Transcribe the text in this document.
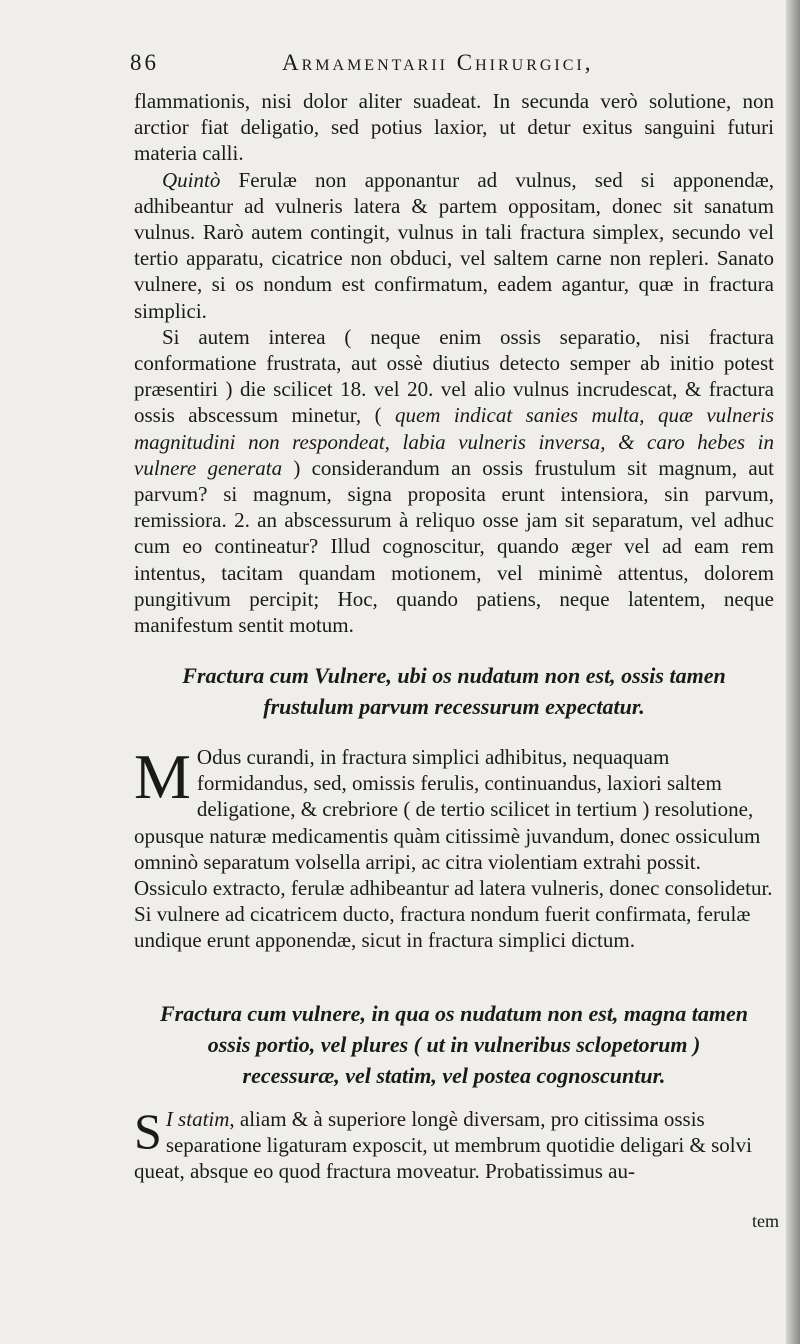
86	Armamentarii Chirurgici,

flammationis, nisi dolor aliter suadeat. In secunda verò solutione, non arctior fiat deligatio, sed potius laxior, ut detur exitus sanguini futuri materia calli.

Quintò Ferulæ non apponantur ad vulnus, sed si apponendæ, adhibeantur ad vulneris latera & partem oppositam, donec sit sanatum vulnus. Rarò autem contingit, vulnus in tali fractura simplex, secundo vel tertio apparatu, cicatrice non obduci, vel saltem carne non repleri. Sanato vulnere, si os nondum est confirmatum, eadem agantur, quæ in fractura simplici.

Si autem interea ( neque enim ossis separatio, nisi fractura conformatione frustrata, aut ossè diutius detecto semper ab initio potest præsentiri ) die scilicet 18. vel 20. vel alio vulnus incrudescat, & fractura ossis abscessum minetur, ( quem indicat sanies multa, quæ vulneris magnitudini non respondeat, labia vulneris inversa, & caro hebes in vulnere generata ) considerandum an ossis frustulum sit magnum, aut parvum? si magnum, signa proposita erunt intensiora, sin parvum, remissiora. 2. an abscessurum à reliquo osse jam sit separatum, vel adhuc cum eo contineatur? Illud cognoscitur, quando æger vel ad eam rem intentus, tacitam quandam motionem, vel minimè attentus, dolorem pungitivum percipit; Hoc, quando patiens, neque latentem, neque manifestum sentit motum.

Fractura cum Vulnere, ubi os nudatum non est, ossis tamen

frustulum parvum recessurum expectatur.

M Odus curandi, in fractura simplici adhibitus, nequaquam formidandus, sed, omissis ferulis, continuandus, laxiori saltem deligatione, & crebriore ( de tertio scilicet in tertium ) resolutione, opusque naturæ medicamentis quàm citissimè juvandum, donec ossiculum omninò separatum volsella arripi, ac citra violentiam extrahi possit. Ossiculo extracto, ferulæ adhibeantur ad latera vulneris, donec consolidetur. Si vulnere ad cicatricem ducto, fractura nondum fuerit confirmata, ferulæ undique erunt apponendæ, sicut in fractura simplici dictum.

Fractura cum vulnere, in qua os nudatum non est, magna tamen

ossis portio, vel plures ( ut in vulneribus sclopetorum )

recessuræ, vel statim, vel postea cognoscuntur.

S I statim, aliam & à superiore longè diversam, pro citissima ossis separatione ligaturam exposcit, ut membrum quotidie deligari & solvi queat, absque eo quod fractura moveatur. Probatissimus au-

tem
